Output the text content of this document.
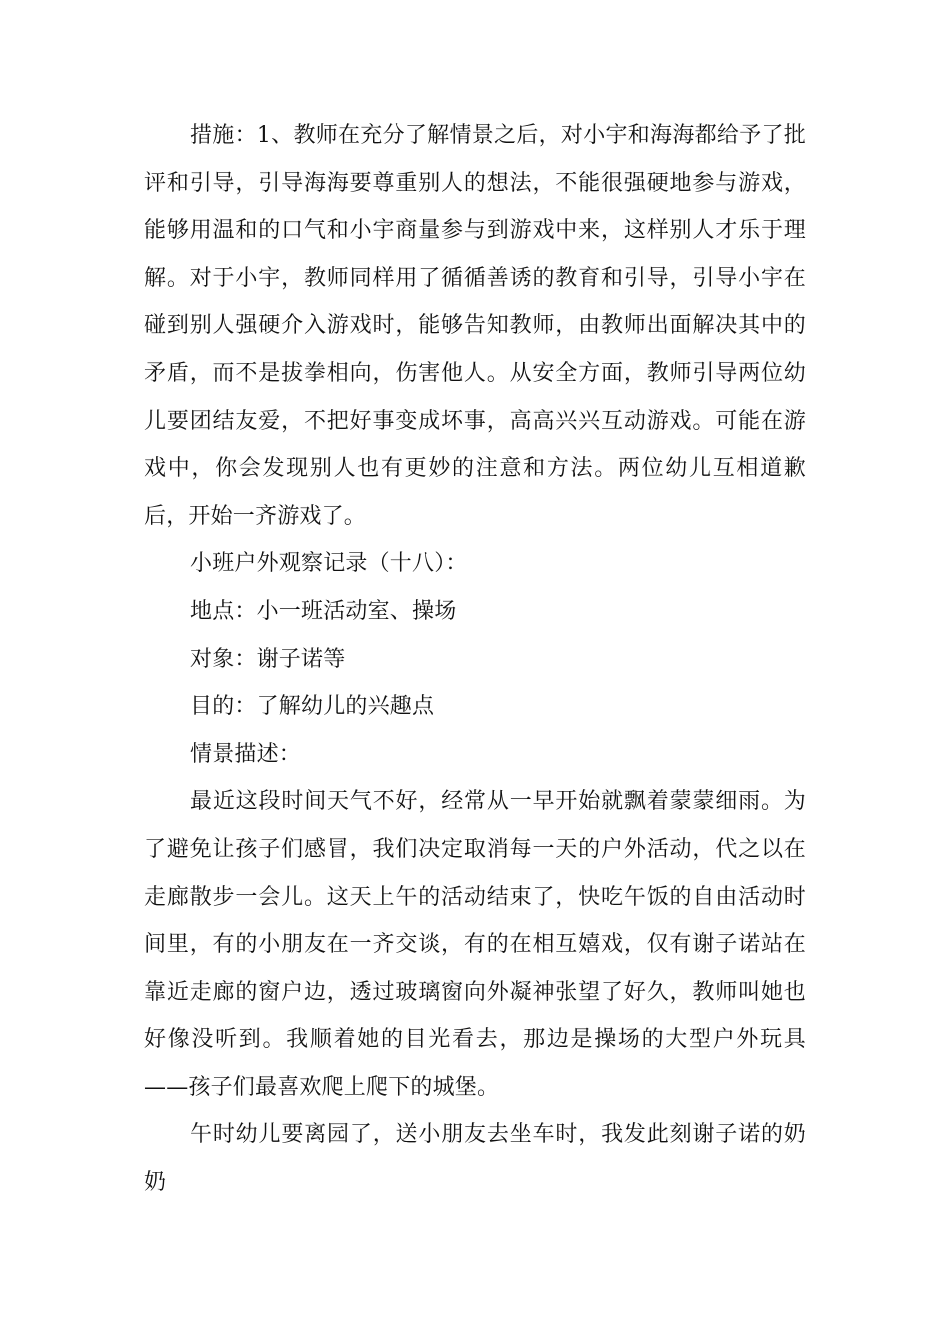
措施：1、教师在充分了解情景之后，对小宇和海海都给予了批评和引导，引导海海要尊重别人的想法，不能很强硬地参与游戏，能够用温和的口气和小宇商量参与到游戏中来，这样别人才乐于理解。对于小宇，教师同样用了循循善诱的教育和引导，引导小宇在碰到别人强硬介入游戏时，能够告知教师，由教师出面解决其中的矛盾，而不是拔拳相向，伤害他人。从安全方面，教师引导两位幼儿要团结友爱，不把好事变成坏事，高高兴兴互动游戏。可能在游戏中，你会发现别人也有更妙的注意和方法。两位幼儿互相道歉后，开始一齐游戏了。

小班户外观察记录（十八）：

地点：小一班活动室、操场

对象：谢子诺等

目的：了解幼儿的兴趣点

情景描述：

最近这段时间天气不好，经常从一早开始就飘着蒙蒙细雨。为了避免让孩子们感冒，我们决定取消每一天的户外活动，代之以在走廊散步一会儿。这天上午的活动结束了，快吃午饭的自由活动时间里，有的小朋友在一齐交谈，有的在相互嬉戏，仅有谢子诺站在靠近走廊的窗户边，透过玻璃窗向外凝神张望了好久，教师叫她也好像没听到。我顺着她的目光看去，那边是操场的大型户外玩具——孩子们最喜欢爬上爬下的城堡。

午时幼儿要离园了，送小朋友去坐车时，我发此刻谢子诺的奶奶
